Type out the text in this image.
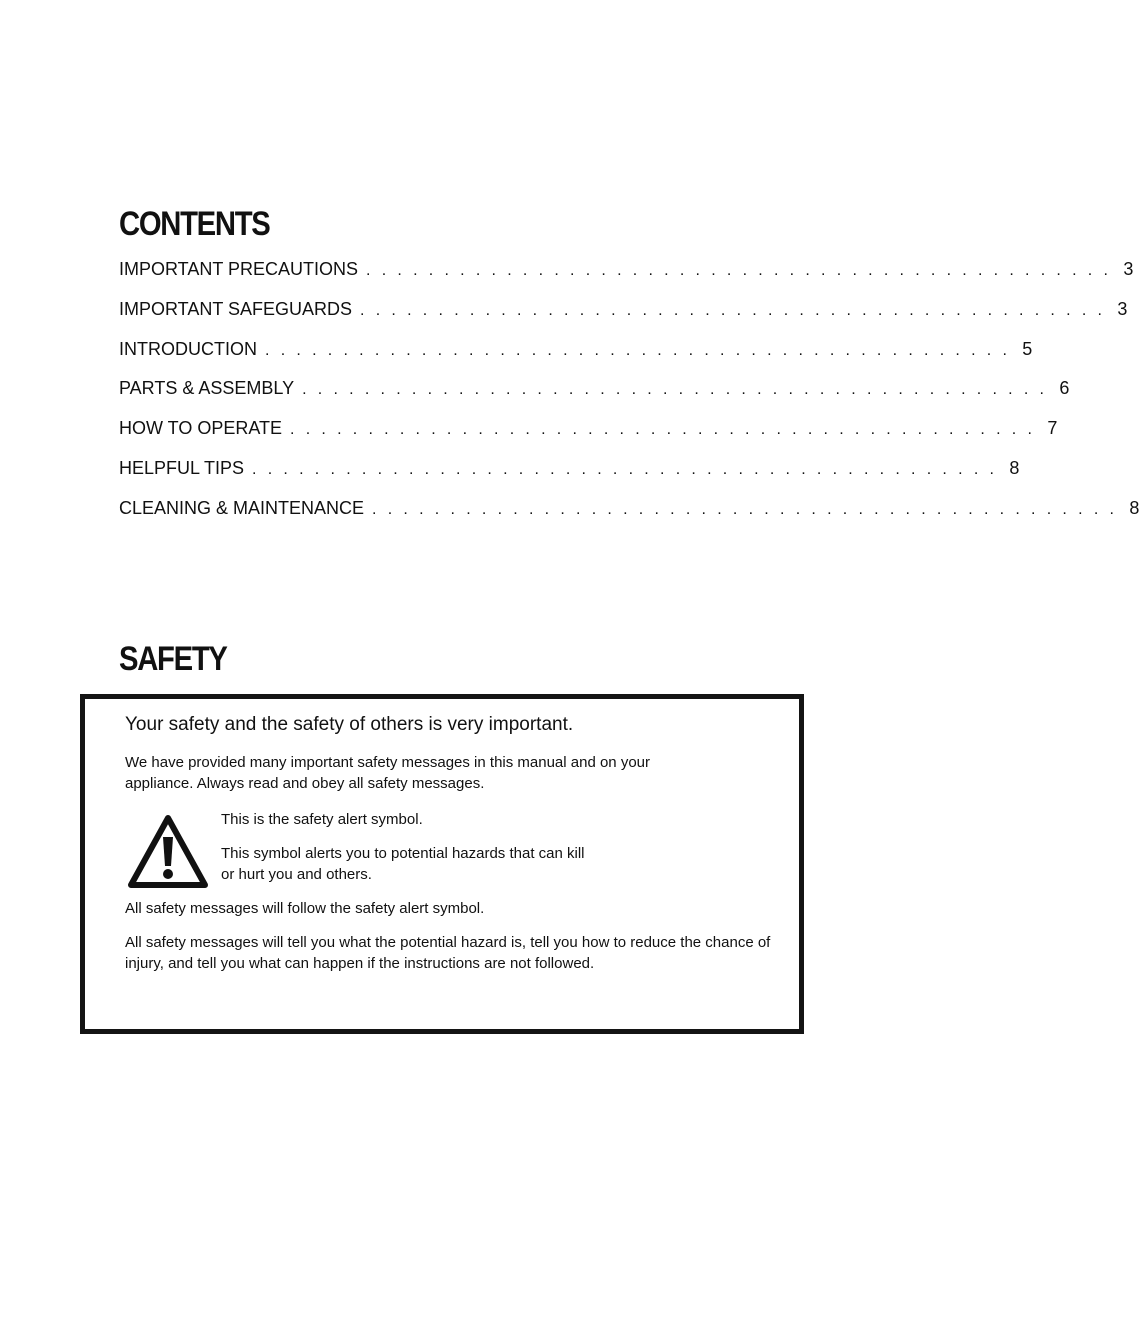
CONTENTS
IMPORTANT PRECAUTIONS . . . . . . . . . . . . . . . . . . . . . . . . . . . . . . . . . . . . . . . . . . . . . . . . 3
IMPORTANT SAFEGUARDS . . . . . . . . . . . . . . . . . . . . . . . . . . . . . . . . . . . . . . . . . . . . . . . . 3
INTRODUCTION . . . . . . . . . . . . . . . . . . . . . . . . . . . . . . . . . . . . . . . . . . . . . . . . 5
PARTS & ASSEMBLY . . . . . . . . . . . . . . . . . . . . . . . . . . . . . . . . . . . . . . . . . . . . . . . . 6
HOW TO OPERATE . . . . . . . . . . . . . . . . . . . . . . . . . . . . . . . . . . . . . . . . . . . . . . . . 7
HELPFUL TIPS . . . . . . . . . . . . . . . . . . . . . . . . . . . . . . . . . . . . . . . . . . . . . . . . 8
CLEANING & MAINTENANCE . . . . . . . . . . . . . . . . . . . . . . . . . . . . . . . . . . . . . . . . . . . . . . . . 8
SAFETY

Your safety and the safety of others is very important.

We have provided many important safety messages in this manual and on your appliance. Always read and obey all safety messages.

This is the safety alert symbol.

This symbol alerts you to potential hazards that can kill or hurt you and others.

All safety messages will follow the safety alert symbol.

All safety messages will tell you what the potential hazard is, tell you how to reduce the chance of injury, and tell you what can happen if the instructions are not followed.
